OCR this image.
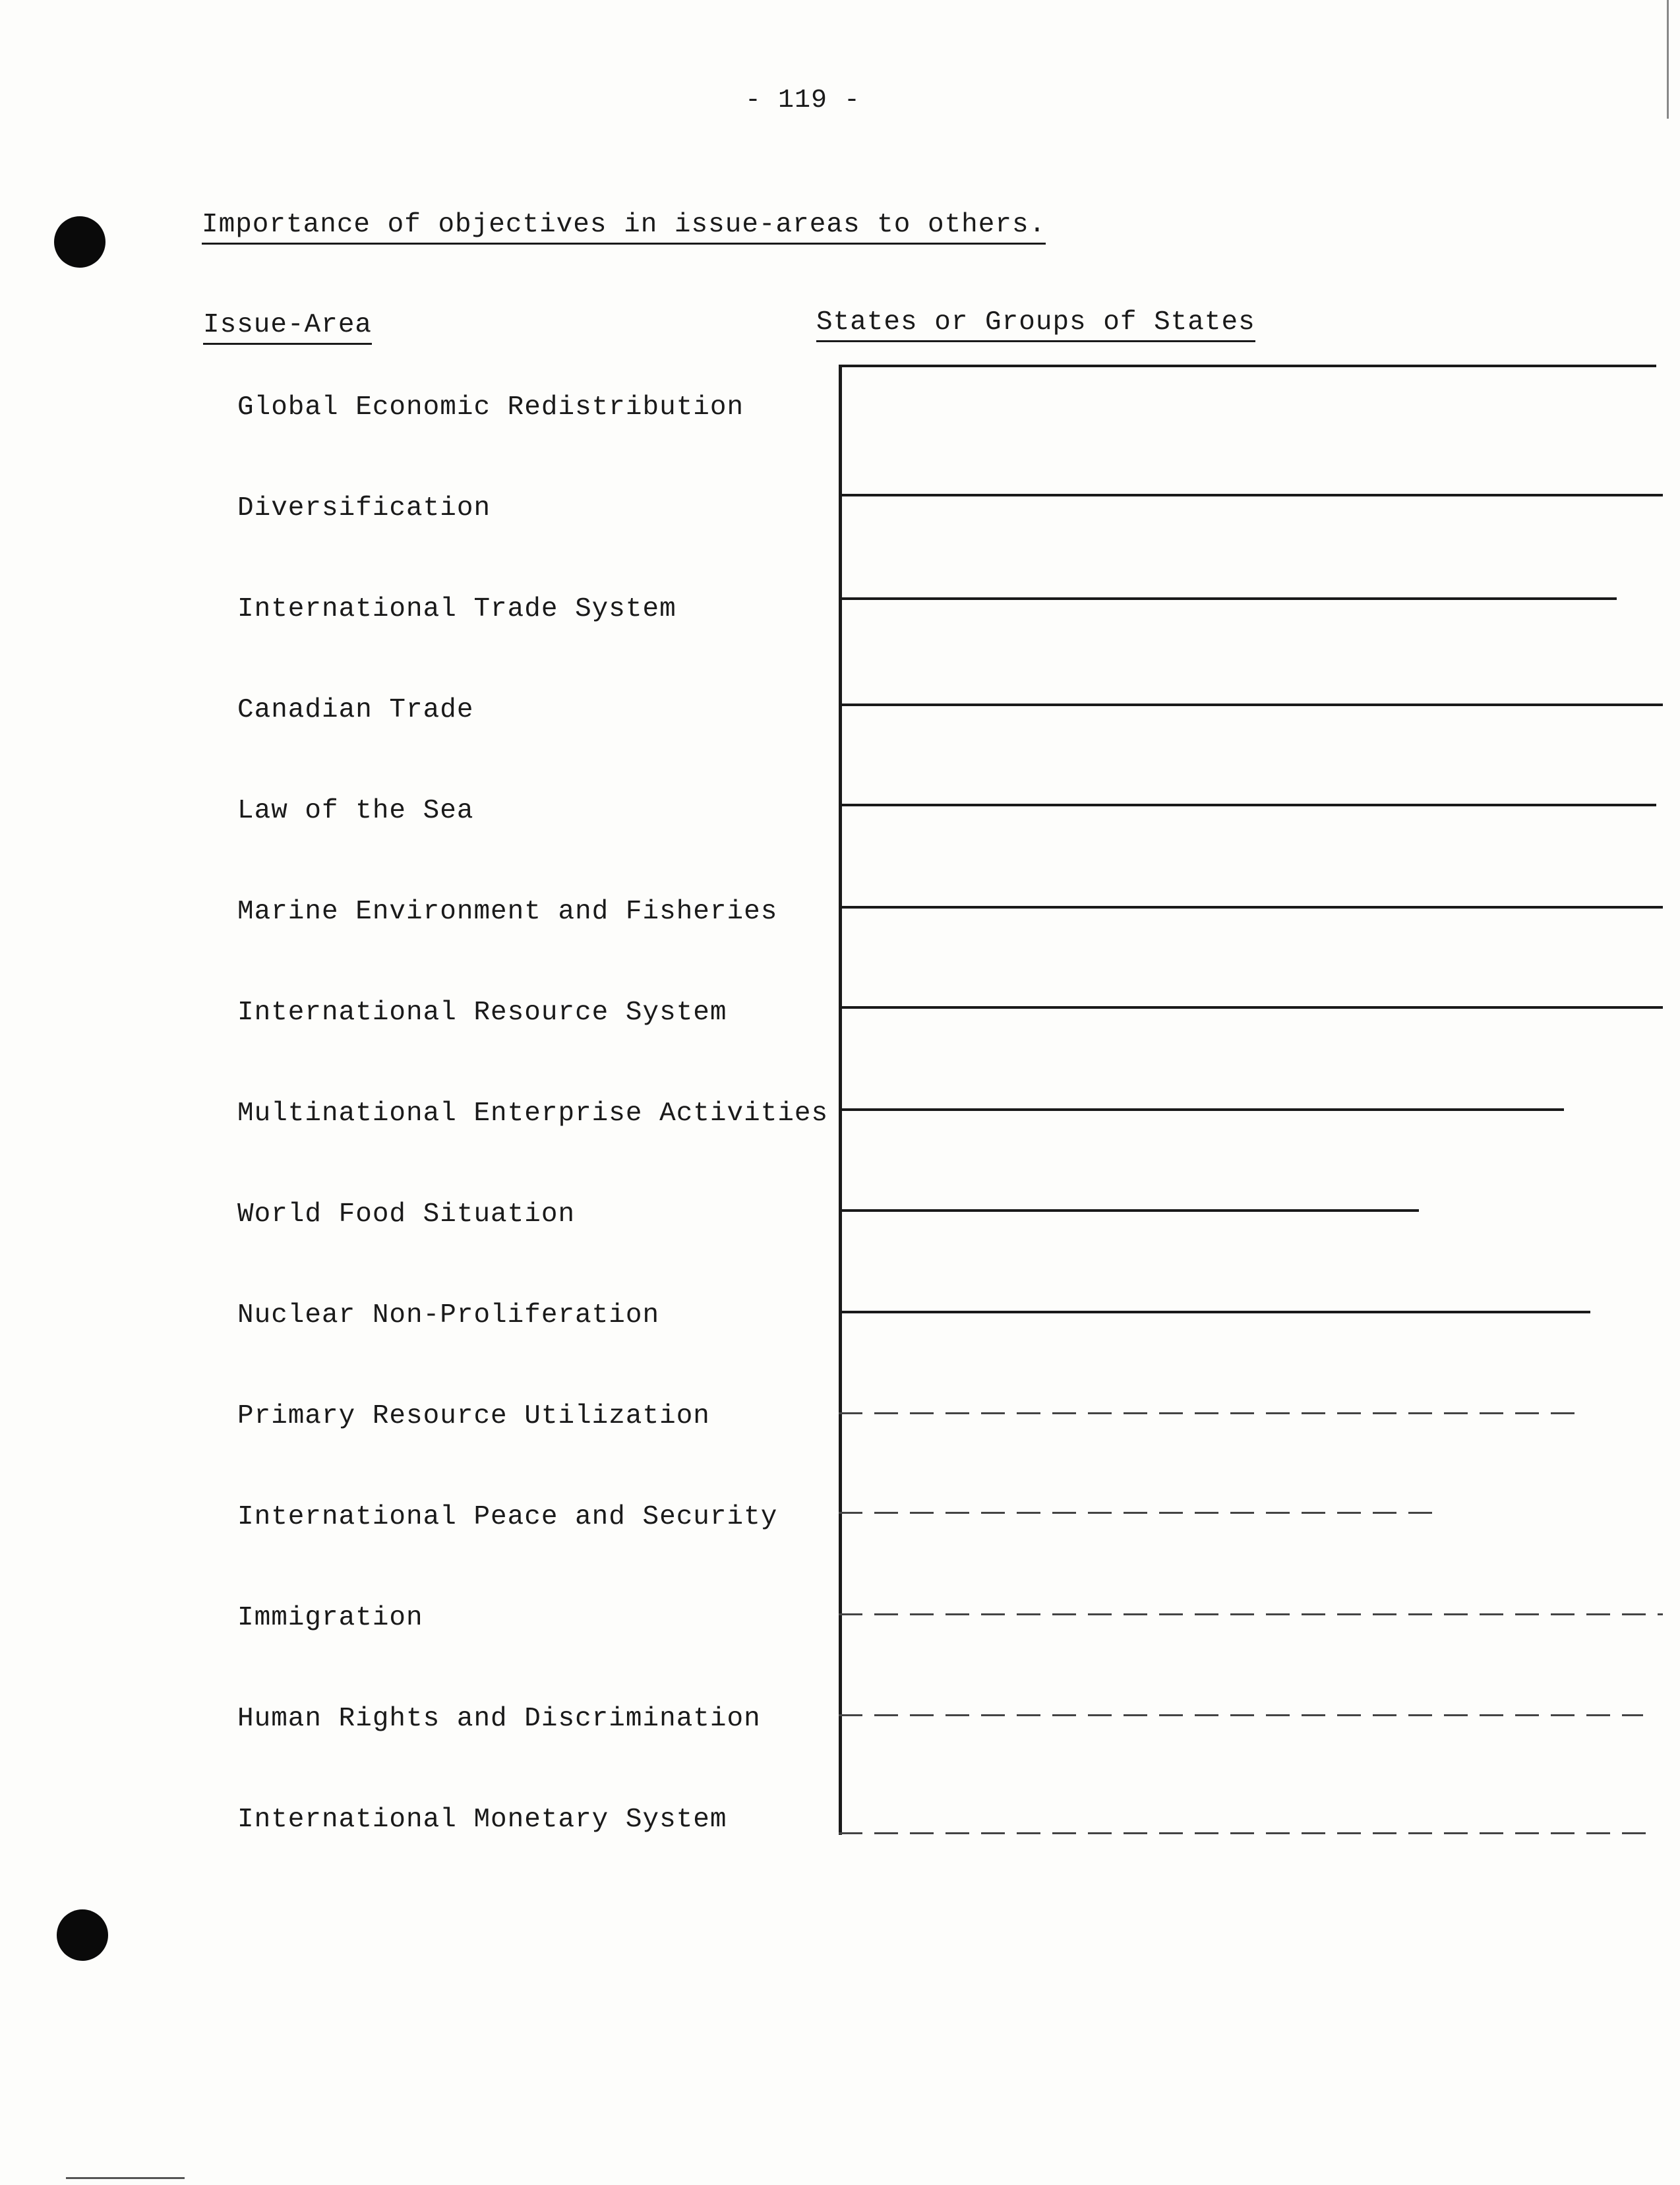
- 119 -
Importance of objectives in issue-areas to others.
Issue-Area	States or Groups of States
Global Economic Redistribution
Diversification
International Trade System
Canadian Trade
Law of the Sea
Marine Environment and Fisheries
International Resource System
Multinational Enterprise Activities
World Food Situation
Nuclear Non-Proliferation
Primary Resource Utilization
International Peace and Security
Immigration
Human Rights and Discrimination
International Monetary System
